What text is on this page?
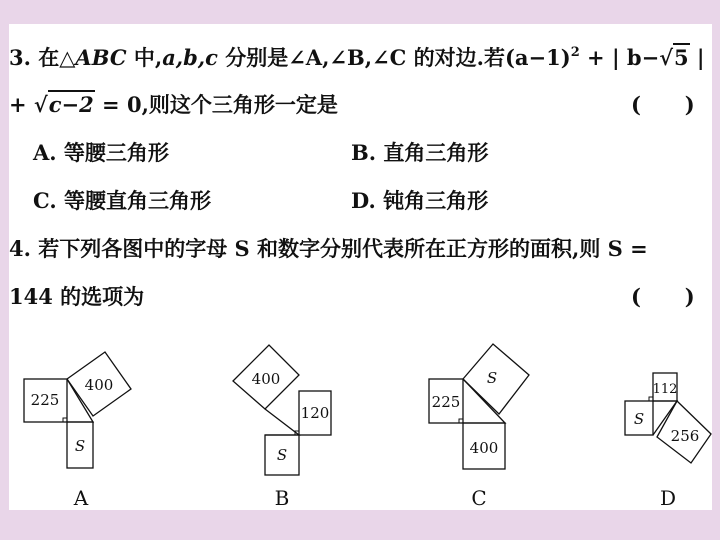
3. 在△ABC 中,a,b,c 分别是∠A,∠B,∠C 的对边.若$(a-1)^2$ + | b−√5 |
+ √c−2 = 0,则这个三角形一定是	(      )
A. 等腰三角形	B. 直角三角形
C. 等腰直角三角形	D. 钝角三角形
4. 若下列各图中的字母 S 和数字分别代表所在正方形的面积,则 S =
144 的选项为	(      )
225
400
S
400
120
S
S
225
400
112
S
256
A	B	C	D
